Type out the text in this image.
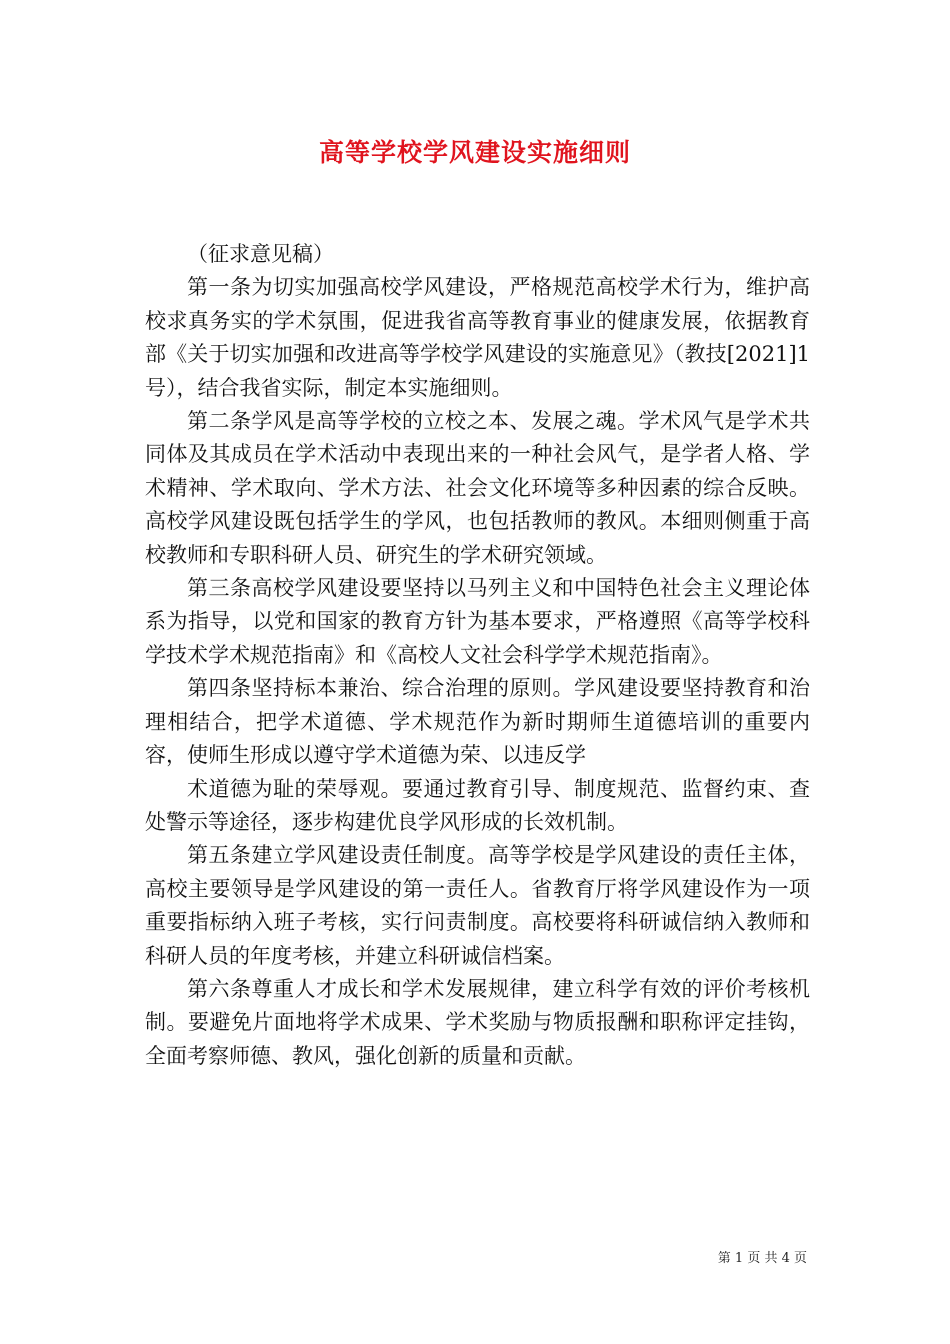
高等学校学风建设实施细则

（征求意见稿）

第一条为切实加强高校学风建设，严格规范高校学术行为，维护高校求真务实的学术氛围，促进我省高等教育事业的健康发展，依据教育部《关于切实加强和改进高等学校学风建设的实施意见》（教技[2021]1号），结合我省实际，制定本实施细则。

第二条学风是高等学校的立校之本、发展之魂。学术风气是学术共同体及其成员在学术活动中表现出来的一种社会风气，是学者人格、学术精神、学术取向、学术方法、社会文化环境等多种因素的综合反映。高校学风建设既包括学生的学风，也包括教师的教风。本细则侧重于高校教师和专职科研人员、研究生的学术研究领域。

第三条高校学风建设要坚持以马列主义和中国特色社会主义理论体系为指导，以党和国家的教育方针为基本要求，严格遵照《高等学校科学技术学术规范指南》和《高校人文社会科学学术规范指南》。

第四条坚持标本兼治、综合治理的原则。学风建设要坚持教育和治理相结合，把学术道德、学术规范作为新时期师生道德培训的重要内容，使师生形成以遵守学术道德为荣、以违反学

术道德为耻的荣辱观。要通过教育引导、制度规范、监督约束、查处警示等途径，逐步构建优良学风形成的长效机制。

第五条建立学风建设责任制度。高等学校是学风建设的责任主体，高校主要领导是学风建设的第一责任人。省教育厅将学风建设作为一项重要指标纳入班子考核，实行问责制度。高校要将科研诚信纳入教师和科研人员的年度考核，并建立科研诚信档案。

第六条尊重人才成长和学术发展规律，建立科学有效的评价考核机制。要避免片面地将学术成果、学术奖励与物质报酬和职称评定挂钩，全面考察师德、教风，强化创新的质量和贡献。

第 1 页 共 4 页
